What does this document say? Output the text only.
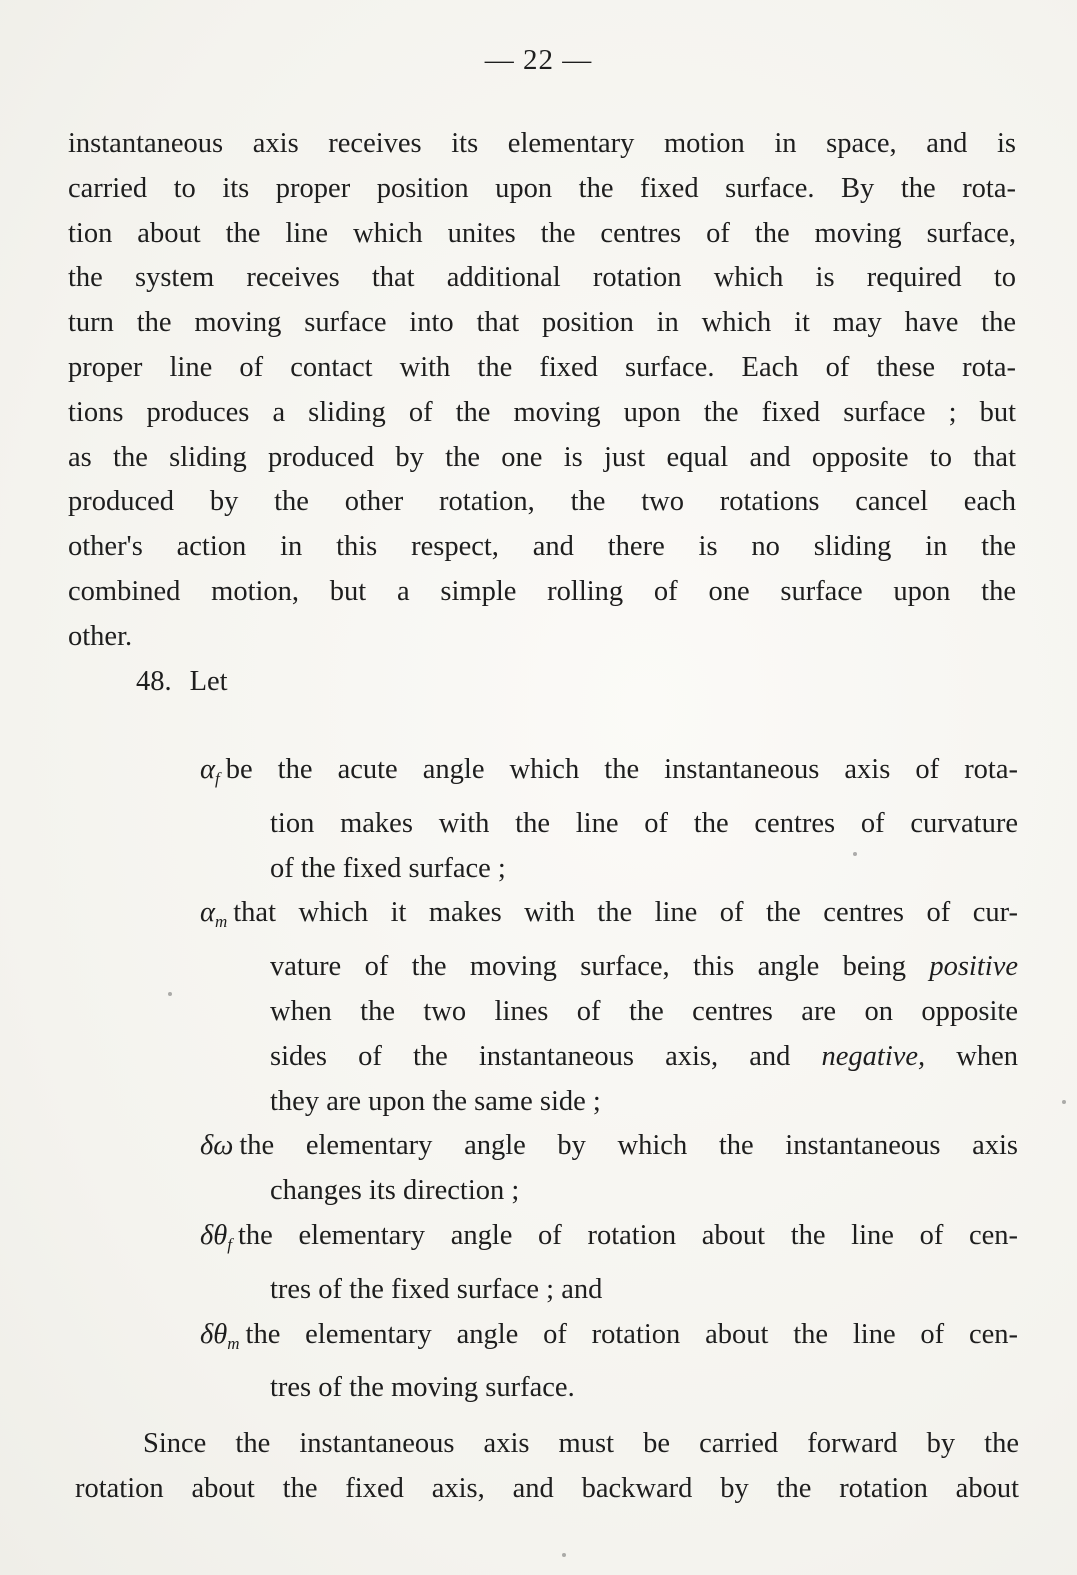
— 22 —
instantaneous axis receives its elementary motion in space, and is
carried to its proper position upon the fixed surface. By the rota-
tion about the line which unites the centres of the moving surface,
the system receives that additional rotation which is required to
turn the moving surface into that position in which it may have the
proper line of contact with the fixed surface. Each of these rota-
tions produces a sliding of the moving upon the fixed surface ; but
as the sliding produced by the one is just equal and opposite to that
produced by the other rotation, the two rotations cancel each
other's action in this respect, and there is no sliding in the
combined motion, but a simple rolling of one surface upon the
other.
48. Let
$\alpha_f$ be the acute angle which the instantaneous axis of rota-
tion makes with the line of the centres of curvature
of the fixed surface ;
$\alpha_m$ that which it makes with the line of the centres of cur-
vature of the moving surface, this angle being positive
when the two lines of the centres are on opposite
sides of the instantaneous axis, and negative, when
they are upon the same side ;
δω the elementary angle by which the instantaneous axis
changes its direction ;
$\delta\theta_f$ the elementary angle of rotation about the line of cen-
tres of the fixed surface ; and
$\delta\theta_m$ the elementary angle of rotation about the line of cen-
tres of the moving surface.
Since the instantaneous axis must be carried forward by the
rotation about the fixed axis, and backward by the rotation about
